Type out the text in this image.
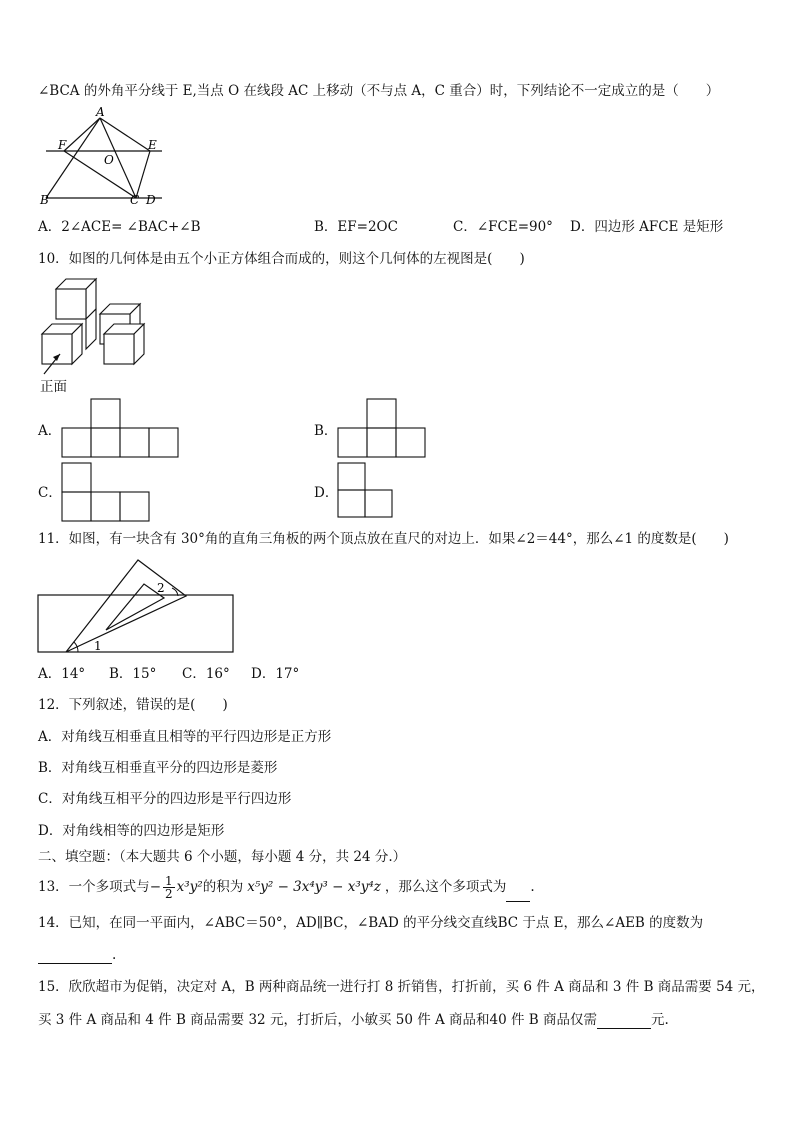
∠BCA 的外角平分线于 E,当点 O 在线段 AC 上移动（不与点 A，C 重合）时，下列结论不一定成立的是（　　）
A
F	E
O
B	C D
A．2∠ACE= ∠BAC+∠B	B．EF=2OC	C．∠FCE=90° D．四边形 AFCE 是矩形
10．如图的几何体是由五个小正方体组合而成的，则这个几何体的左视图是(　　)
正面
A．	B．
C．	D．
11．如图，有一块含有 30°角的直角三角板的两个顶点放在直尺的对边上．如果∠2＝44°，那么∠1 的度数是(　　)
1
2
A．14° B．15° C．16° D．17°
12．下列叙述，错误的是(　　)
A．对角线互相垂直且相等的平行四边形是正方形
B．对角线互相垂直平分的四边形是菱形
C．对角线互相平分的四边形是平行四边形
D．对角线相等的四边形是矩形
二、填空题：（本大题共 6 个小题，每小题 4 分，共 24 分.）
13．一个多项式与− $\frac{1}{2} x^3y^2$的积为 x⁵y² − 3x⁴y³ − x³y⁴z ，那么这个多项式为 .
14．已知，在同一平面内，∠ABC＝50°，AD∥BC，∠BAD 的平分线交直线BC 于点 E，那么∠AEB 的度数为
.
15．欣欣超市为促销，决定对 A，B 两种商品统一进行打 8 折销售，打折前，买 6 件 A 商品和 3 件 B 商品需要 54 元，
买 3 件 A 商品和 4 件 B 商品需要 32 元，打折后，小敏买 50 件 A 商品和40 件 B 商品仅需	元.
